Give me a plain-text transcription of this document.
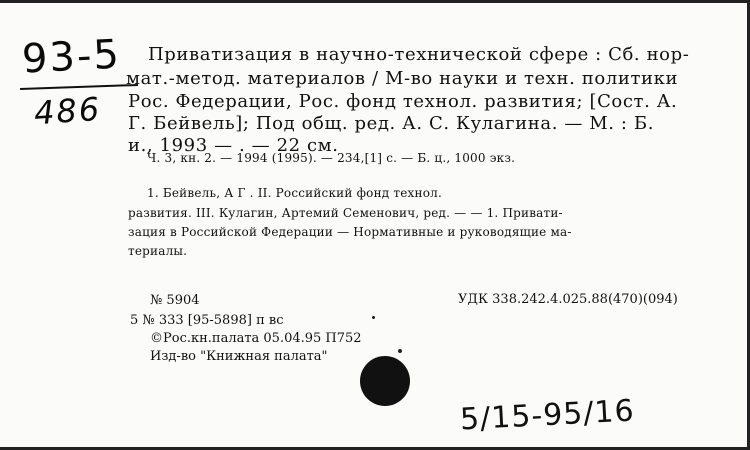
93-5
486
Приватизация в научно-технической сфере : Сб. нор-
мат.-метод. материалов / М-во науки и техн. политики
Рос. Федерации, Рос. фонд технол. развития; [Сост. А.
Г. Бейвель]; Под общ. ред. А. С. Кулагина. — М. : Б.
и., 1993 — . — 22 см.
Ч. 3, кн. 2. — 1994 (1995). — 234,[1] с. — Б. ц., 1000 экз.
1. Бейвель, А Г . II. Российский фонд технол.
развития. III. Кулагин, Артемий Семенович, ред. — — 1. Привати-
зация в Российской Федерации — Нормативные и руководящие ма-
териалы.
№ 5904
5 № 333 [95-5898] п вс
©Рос.кн.палата 05.04.95 П752
Изд-во "Книжная палата"
УДК 338.242.4.025.88(470)(094)
5/15-95/16
